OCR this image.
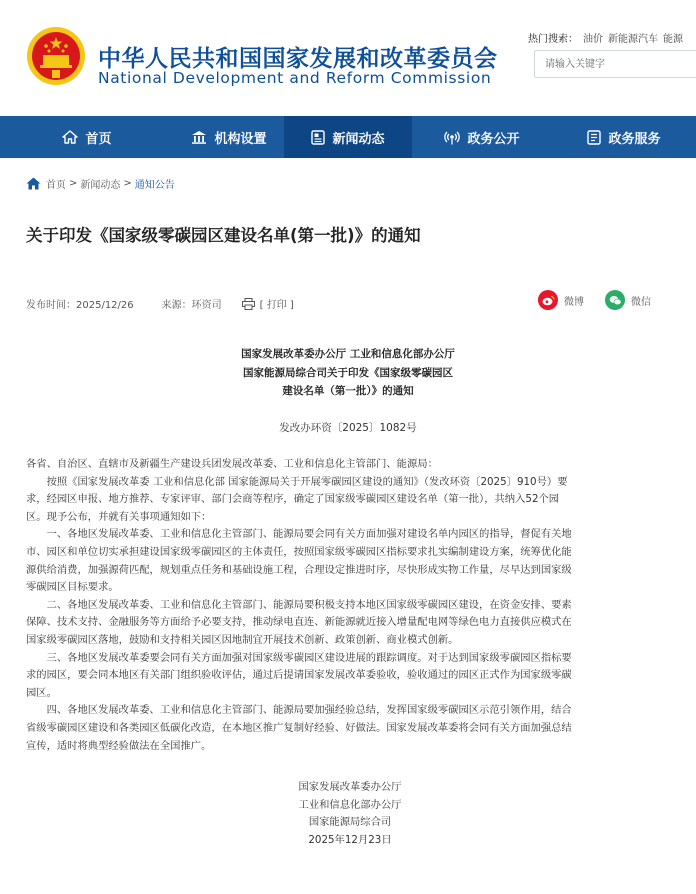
中华人民共和国国家发展和改革委员会
National Development and Reform Commission
热门搜索： 油价 新能源汽车 能源
请输入关键字
首页	机构设置	新闻动态	政务公开	政务服务
首页 > 新闻动态 > 通知公告
关于印发《国家级零碳园区建设名单(第一批)》的通知
发布时间：2025/12/26	来源：环资司	[ 打印 ]	微博	微信
国家发展改革委办公厅 工业和信息化部办公厅
国家能源局综合司关于印发《国家级零碳园区
建设名单（第一批）》的通知
发改办环资〔2025〕1082号

各省、自治区、直辖市及新疆生产建设兵团发展改革委、工业和信息化主管部门、能源局：

　　按照《国家发展改革委 工业和信息化部 国家能源局关于开展零碳园区建设的通知》（发改环资〔2025〕910号）要

求，经园区申报、地方推荐、专家评审、部门会商等程序，确定了国家级零碳园区建设名单（第一批），共纳入52个园

区。现予公布，并就有关事项通知如下：

　　一、各地区发展改革委、工业和信息化主管部门、能源局要会同有关方面加强对建设名单内园区的指导，督促有关地

市、园区和单位切实承担建设国家级零碳园区的主体责任，按照国家级零碳园区指标要求扎实编制建设方案，统筹优化能

源供给消费，加强源荷匹配，规划重点任务和基础设施工程，合理设定推进时序，尽快形成实物工作量，尽早达到国家级

零碳园区目标要求。

　　二、各地区发展改革委、工业和信息化主管部门、能源局要积极支持本地区国家级零碳园区建设，在资金安排、要素

保障、技术支持、金融服务等方面给予必要支持，推动绿电直连、新能源就近接入增量配电网等绿色电力直接供应模式在

国家级零碳园区落地，鼓励和支持相关园区因地制宜开展技术创新、政策创新、商业模式创新。

　　三、各地区发展改革委要会同有关方面加强对国家级零碳园区建设进展的跟踪调度。对于达到国家级零碳园区指标要

求的园区，要会同本地区有关部门组织验收评估，通过后提请国家发展改革委验收，验收通过的园区正式作为国家级零碳

园区。

　　四、各地区发展改革委、工业和信息化主管部门、能源局要加强经验总结，发挥国家级零碳园区示范引领作用，结合

省级零碳园区建设和各类园区低碳化改造，在本地区推广复制好经验、好做法。国家发展改革委将会同有关方面加强总结

宣传，适时将典型经验做法在全国推广。

国家发展改革委办公厅
工业和信息化部办公厅
国家能源局综合司
2025年12月23日
